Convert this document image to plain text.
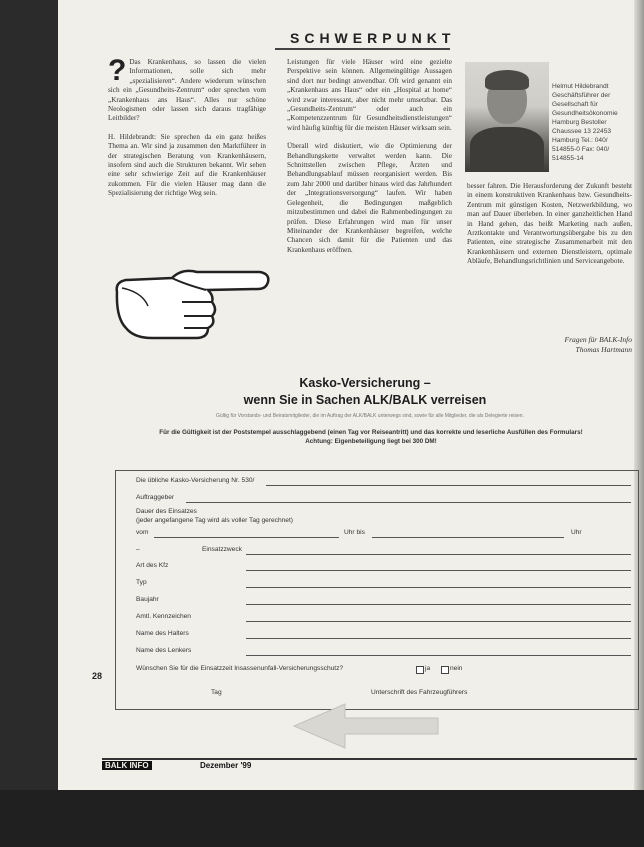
SCHWERPUNKT

? Das Krankenhaus, so lassen die vielen Informationen, solle sich mehr „spezialisieren“. Andere wiederum wünschen sich ein „Gesundheits-Zentrum“ oder sprechen vom „Krankenhaus ans Haus“. Alles nur schöne Neologismen oder lassen sich daraus tragfähige Leitbilder?

H. Hildebrandt: Sie sprechen da ein ganz heißes Thema an. Wir sind ja zusammen den Marktführer in der strategischen Beratung von Krankenhäusern, insofern sind auch die Strukturen bekannt. Wir sehen eine sehr schwierige Zeit auf die Krankenhäuser zukommen. Für die vielen Häuser mag dann die Spezialisierung der richtige Weg sein.

Leistungen für viele Häuser wird eine gezielte Perspektive sein können. Allgemeingültige Aussagen sind dort nur bedingt anwendbar. Oft wird genannt ein „Krankenhaus ans Haus“ oder ein „Hospital at home“ wird zwar interessant, aber nicht mehr umsetzbar. Das „Gesundheits-Zentrum“ oder auch ein „Kompetenzzentrum für Gesundheitsdienstleistungen“ wird häufig künftig für die meisten Häuser wirksam sein.

Überall wird diskutiert, wie die Optimierung der Behandlungskette verwaltet werden kann. Die Schnittstellen zwischen Pflege, Ärzten und Behandlungsablauf müssen reorganisiert werden. Bis zum Jahr 2000 und darüber hinaus wird das Jahrhundert der „Integrationsversorgung“ laufen. Wir haben Gelegenheit, die Bedingungen maßgeblich mitzubestimmen und dabei die Rahmenbedingungen zu prüfen. Diese Erfahrungen wird man für unser Miteinander der Krankenhäuser begreifen, welche Chancen sich damit für die Patienten und das Krankenhaus eröffnen.

Helmut Hildebrandt Geschäftsführer der Gesellschaft für Gesundheitsökonomie Hamburg Bestoller Chaussee 13 22453 Hamburg Tel.: 040/ 514855-0 Fax: 040/ 514855-14

besser fahren. Die Herausforderung der Zukunft besteht in einem konstruktiven Krankenhaus bzw. Gesundheits-Zentrum mit günstigen Kosten, Netzwerkbildung, wo man auf Dauer überleben. In einer ganzheitlichen Hand in Hand gehen, das heißt Marketing nach außen, Arztkontakte und Verantwortungsübergabe bis zu den Patienten, eine strategische Zusammenarbeit mit den Krankenhäusern und externen Dienstleistern, optimale Abläufe, Behandlungsrichtlinien und Serviceangebote.

Fragen für BALK-Info
Thomas Hartmann
Kasko-Versicherung –
wenn Sie in Sachen ALK/BALK verreisen
Gültig für Vorstands- und Beiratsmitglieder, die im Auftrag der ALK/BALK unterwegs sind, sowie für alle Mitglieder, die als Delegierte reisen.
Für die Gültigkeit ist der Poststempel ausschlaggebend (einen Tag vor Reiseantritt) und das korrekte und leserliche Ausfüllen des Formulars!
Achtung: Eigenbeteiligung liegt bei 300 DM!
Die übliche Kasko-Versicherung Nr. 530/
Auftraggeber
Dauer des Einsatzes
(jeder angefangene Tag wird als voller Tag gerechnet)
vom	Uhr bis	Uhr
–	Einsatzzweck
Art des Kfz
Typ
Baujahr
Amtl. Kennzeichen
Name des Halters
Name des Lenkers
Wünschen Sie für die Einsatzzeit Insassenunfall-Versicherungsschutz?	ja	nein
Tag	Unterschrift des Fahrzeugführers
28
BALK INFO	Dezember '99
